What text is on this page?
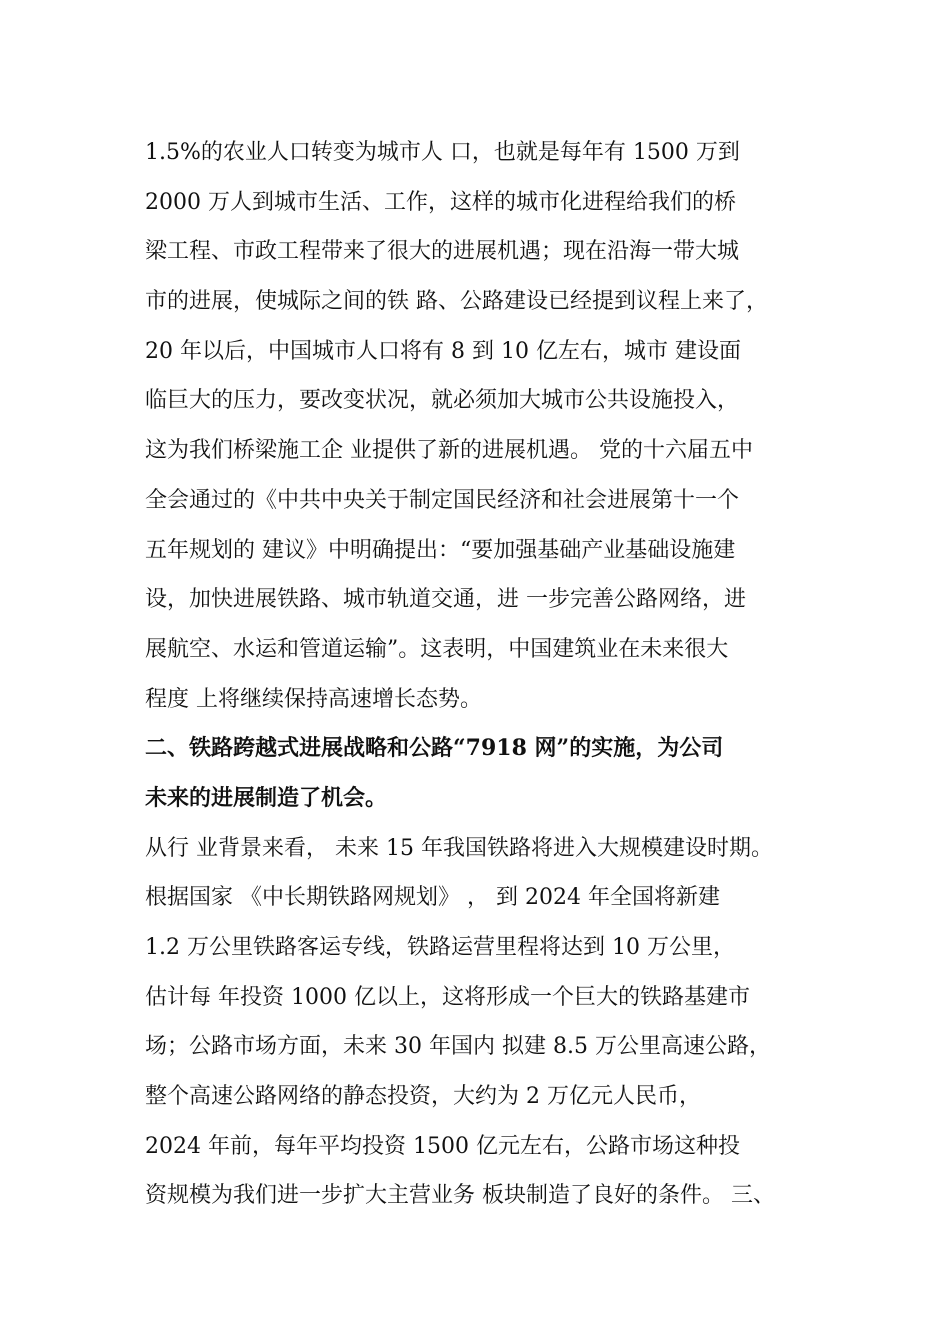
1.5%的农业人口转变为城市人 口，也就是每年有 1500 万到
2000 万人到城市生活、工作，这样的城市化进程给我们的桥
梁工程、市政工程带来了很大的进展机遇；现在沿海一带大城
市的进展，使城际之间的铁 路、公路建设已经提到议程上来了，
20 年以后，中国城市人口将有 8 到 10 亿左右，城市 建设面
临巨大的压力，要改变状况，就必须加大城市公共设施投入，
这为我们桥梁施工企 业提供了新的进展机遇。 党的十六届五中
全会通过的《中共中央关于制定国民经济和社会进展第十一个
五年规划的 建议》中明确提出：“要加强基础产业基础设施建
设，加快进展铁路、城市轨道交通，进 一步完善公路网络，进
展航空、水运和管道运输”。这表明，中国建筑业在未来很大
程度 上将继续保持高速增长态势。
二、铁路跨越式进展战略和公路“7918 网”的实施，为公司
未来的进展制造了机会。
从行 业背景来看， 未来 15 年我国铁路将进入大规模建设时期。
根据国家 《中长期铁路网规划》 ， 到 2024 年全国将新建
1.2 万公里铁路客运专线，铁路运营里程将达到 10 万公里，
估计每 年投资 1000 亿以上，这将形成一个巨大的铁路基建市
场；公路市场方面，未来 30 年国内 拟建 8.5 万公里高速公路，
整个高速公路网络的静态投资，大约为 2 万亿元人民币，
2024 年前，每年平均投资 1500 亿元左右，公路市场这种投
资规模为我们进一步扩大主营业务 板块制造了良好的条件。 三、
